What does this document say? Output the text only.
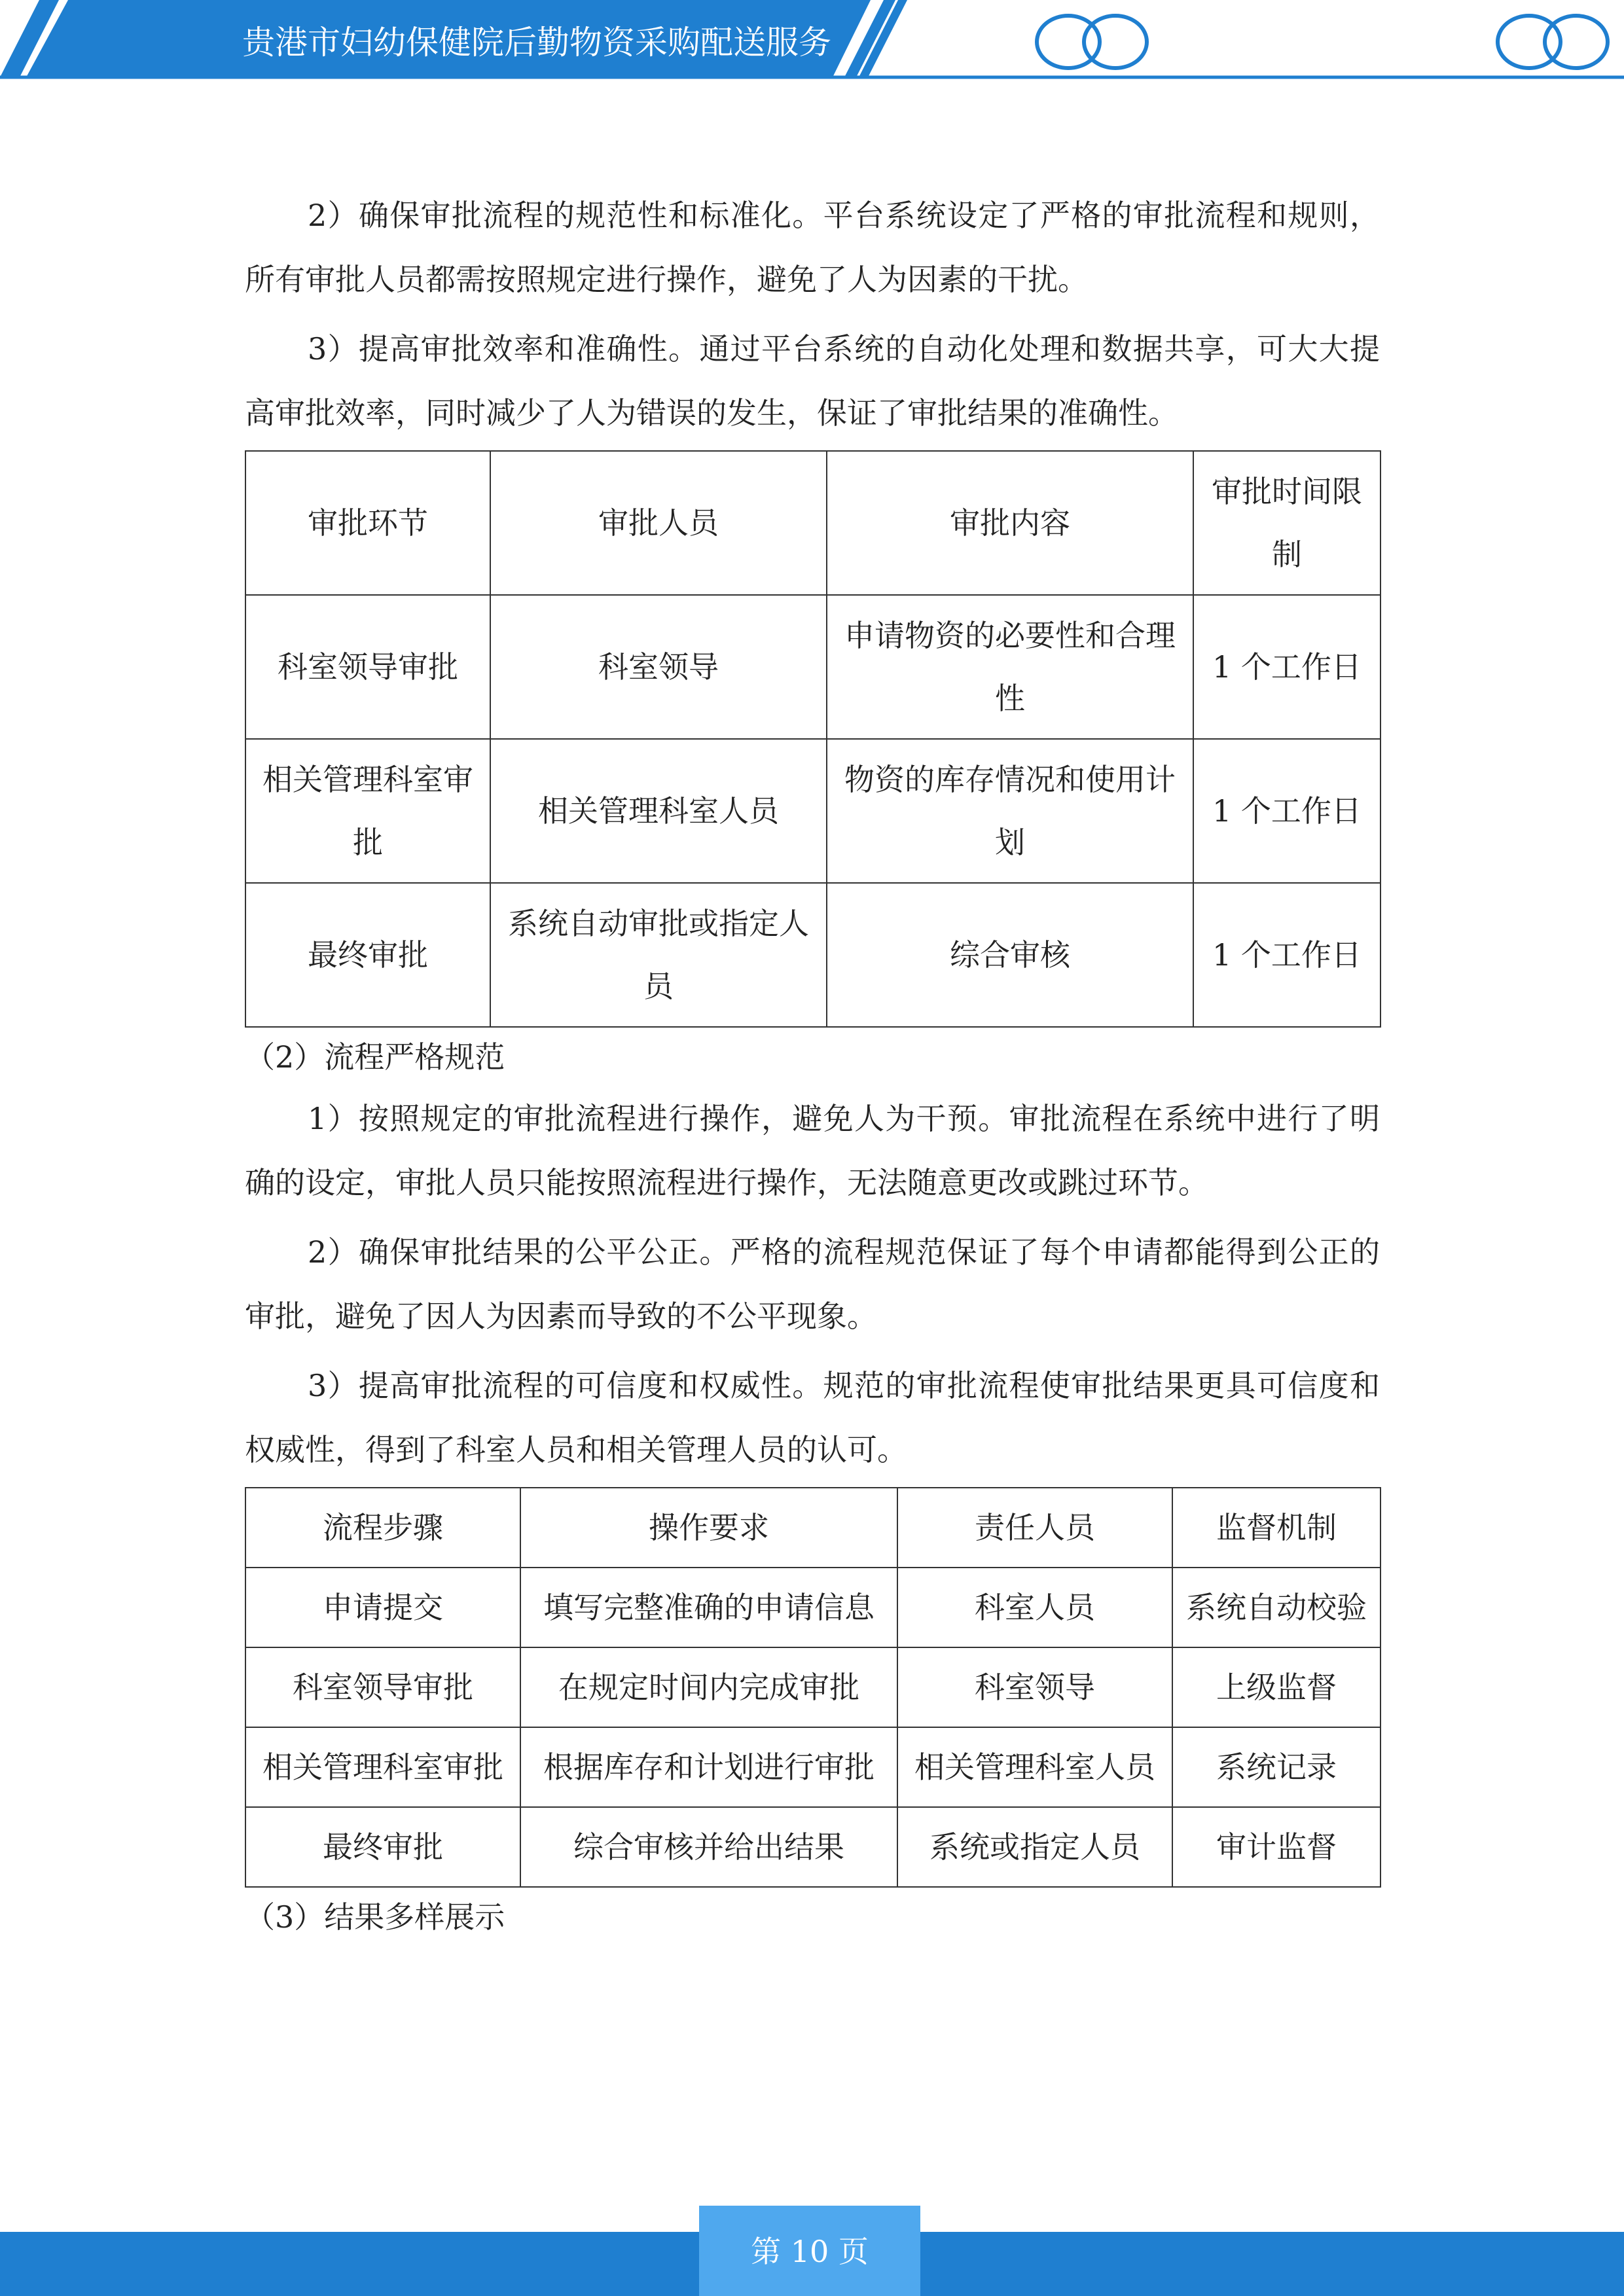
贵港市妇幼保健院后勤物资采购配送服务

2）确保审批流程的规范性和标准化。平台系统设定了严格的审批流程和规则，所有审批人员都需按照规定进行操作，避免了人为因素的干扰。

3）提高审批效率和准确性。通过平台系统的自动化处理和数据共享，可大大提高审批效率，同时减少了人为错误的发生，保证了审批结果的准确性。

审批环节	审批人员	审批内容	审批时间限制
科室领导审批	科室领导	申请物资的必要性和合理性	1 个工作日
相关管理科室审批	相关管理科室人员	物资的库存情况和使用计划	1 个工作日
最终审批	系统自动审批或指定人员	综合审核	1 个工作日

（2）流程严格规范

1）按照规定的审批流程进行操作，避免人为干预。审批流程在系统中进行了明确的设定，审批人员只能按照流程进行操作，无法随意更改或跳过环节。

2）确保审批结果的公平公正。严格的流程规范保证了每个申请都能得到公正的审批，避免了因人为因素而导致的不公平现象。

3）提高审批流程的可信度和权威性。规范的审批流程使审批结果更具可信度和权威性，得到了科室人员和相关管理人员的认可。

流程步骤	操作要求	责任人员	监督机制
申请提交	填写完整准确的申请信息	科室人员	系统自动校验
科室领导审批	在规定时间内完成审批	科室领导	上级监督
相关管理科室审批	根据库存和计划进行审批	相关管理科室人员	系统记录
最终审批	综合审核并给出结果	系统或指定人员	审计监督

（3）结果多样展示

第 10 页
